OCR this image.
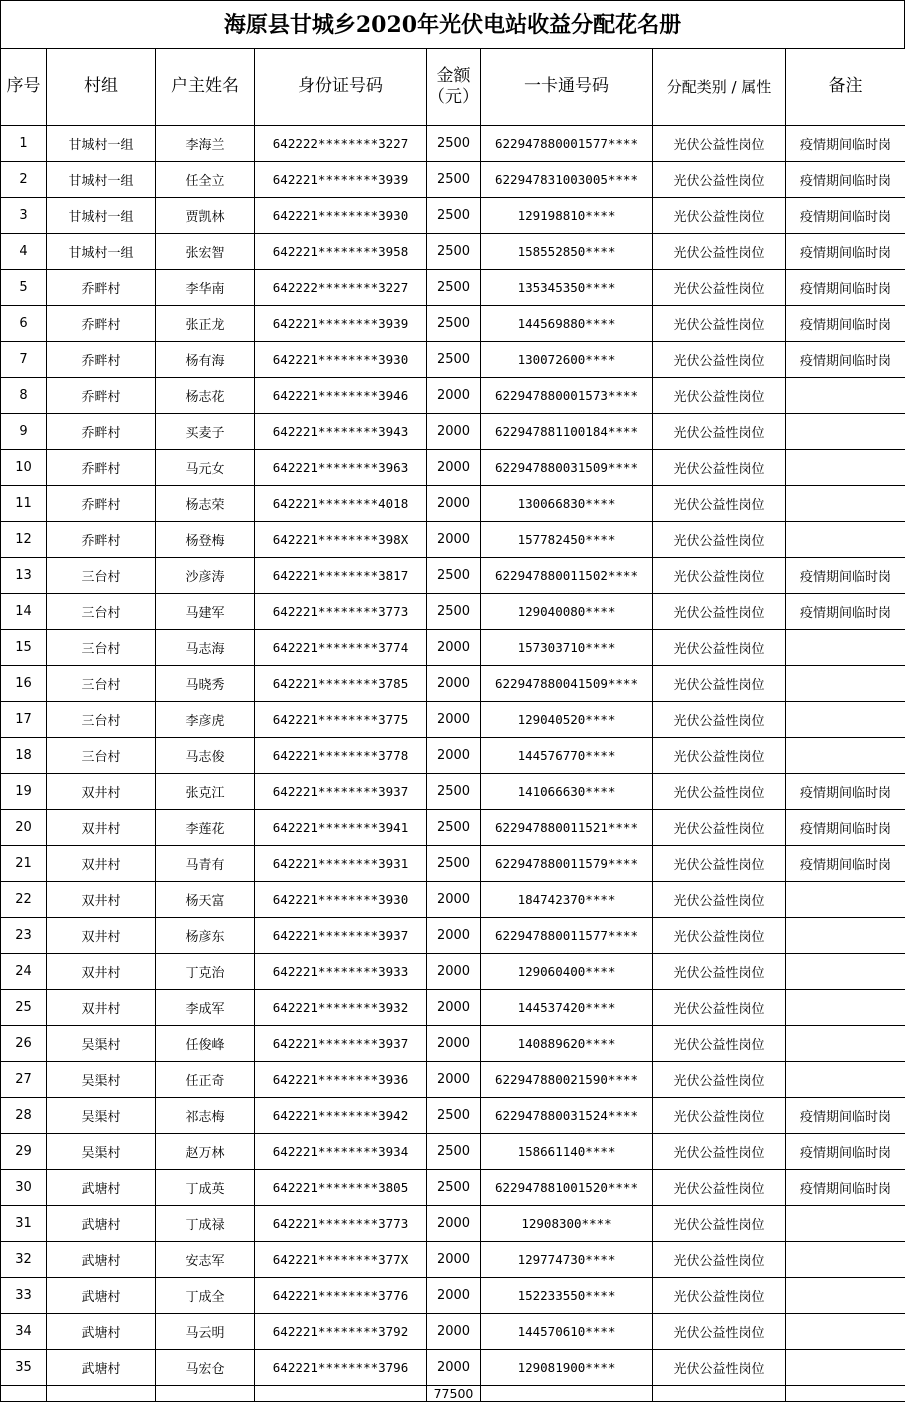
海原县甘城乡2020年光伏电站收益分配花名册
序号	村组	户主姓名	身份证号码	金额（元）	一卡通号码	分配类别 / 属性	备注
1	甘城村一组	李海兰	642222********3227	2500	622947880001577****	光伏公益性岗位	疫情期间临时岗
2	甘城村一组	任全立	642221********3939	2500	622947831003005****	光伏公益性岗位	疫情期间临时岗
3	甘城村一组	贾凯林	642221********3930	2500	129198810****	光伏公益性岗位	疫情期间临时岗
4	甘城村一组	张宏智	642221********3958	2500	158552850****	光伏公益性岗位	疫情期间临时岗
5	乔畔村	李华南	642222********3227	2500	135345350****	光伏公益性岗位	疫情期间临时岗
6	乔畔村	张正龙	642221********3939	2500	144569880****	光伏公益性岗位	疫情期间临时岗
7	乔畔村	杨有海	642221********3930	2500	130072600****	光伏公益性岗位	疫情期间临时岗
8	乔畔村	杨志花	642221********3946	2000	622947880001573****	光伏公益性岗位	
9	乔畔村	买麦子	642221********3943	2000	622947881100184****	光伏公益性岗位	
10	乔畔村	马元女	642221********3963	2000	622947880031509****	光伏公益性岗位	
11	乔畔村	杨志荣	642221********4018	2000	130066830****	光伏公益性岗位	
12	乔畔村	杨登梅	642221********398X	2000	157782450****	光伏公益性岗位	
13	三台村	沙彦涛	642221********3817	2500	622947880011502****	光伏公益性岗位	疫情期间临时岗
14	三台村	马建军	642221********3773	2500	129040080****	光伏公益性岗位	疫情期间临时岗
15	三台村	马志海	642221********3774	2000	157303710****	光伏公益性岗位	
16	三台村	马晓秀	642221********3785	2000	622947880041509****	光伏公益性岗位	
17	三台村	李彦虎	642221********3775	2000	129040520****	光伏公益性岗位	
18	三台村	马志俊	642221********3778	2000	144576770****	光伏公益性岗位	
19	双井村	张克江	642221********3937	2500	141066630****	光伏公益性岗位	疫情期间临时岗
20	双井村	李莲花	642221********3941	2500	622947880011521****	光伏公益性岗位	疫情期间临时岗
21	双井村	马青有	642221********3931	2500	622947880011579****	光伏公益性岗位	疫情期间临时岗
22	双井村	杨天富	642221********3930	2000	184742370****	光伏公益性岗位	
23	双井村	杨彦东	642221********3937	2000	622947880011577****	光伏公益性岗位	
24	双井村	丁克治	642221********3933	2000	129060400****	光伏公益性岗位	
25	双井村	李成军	642221********3932	2000	144537420****	光伏公益性岗位	
26	吴渠村	任俊峰	642221********3937	2000	140889620****	光伏公益性岗位	
27	吴渠村	任正奇	642221********3936	2000	622947880021590****	光伏公益性岗位	
28	吴渠村	祁志梅	642221********3942	2500	622947880031524****	光伏公益性岗位	疫情期间临时岗
29	吴渠村	赵万林	642221********3934	2500	158661140****	光伏公益性岗位	疫情期间临时岗
30	武塘村	丁成英	642221********3805	2500	622947881001520****	光伏公益性岗位	疫情期间临时岗
31	武塘村	丁成禄	642221********3773	2000	12908300****	光伏公益性岗位	
32	武塘村	安志军	642221********377X	2000	129774730****	光伏公益性岗位	
33	武塘村	丁成全	642221********3776	2000	152233550****	光伏公益性岗位	
34	武塘村	马云明	642221********3792	2000	144570610****	光伏公益性岗位	
35	武塘村	马宏仓	642221********3796	2000	129081900****	光伏公益性岗位	
				77500			
